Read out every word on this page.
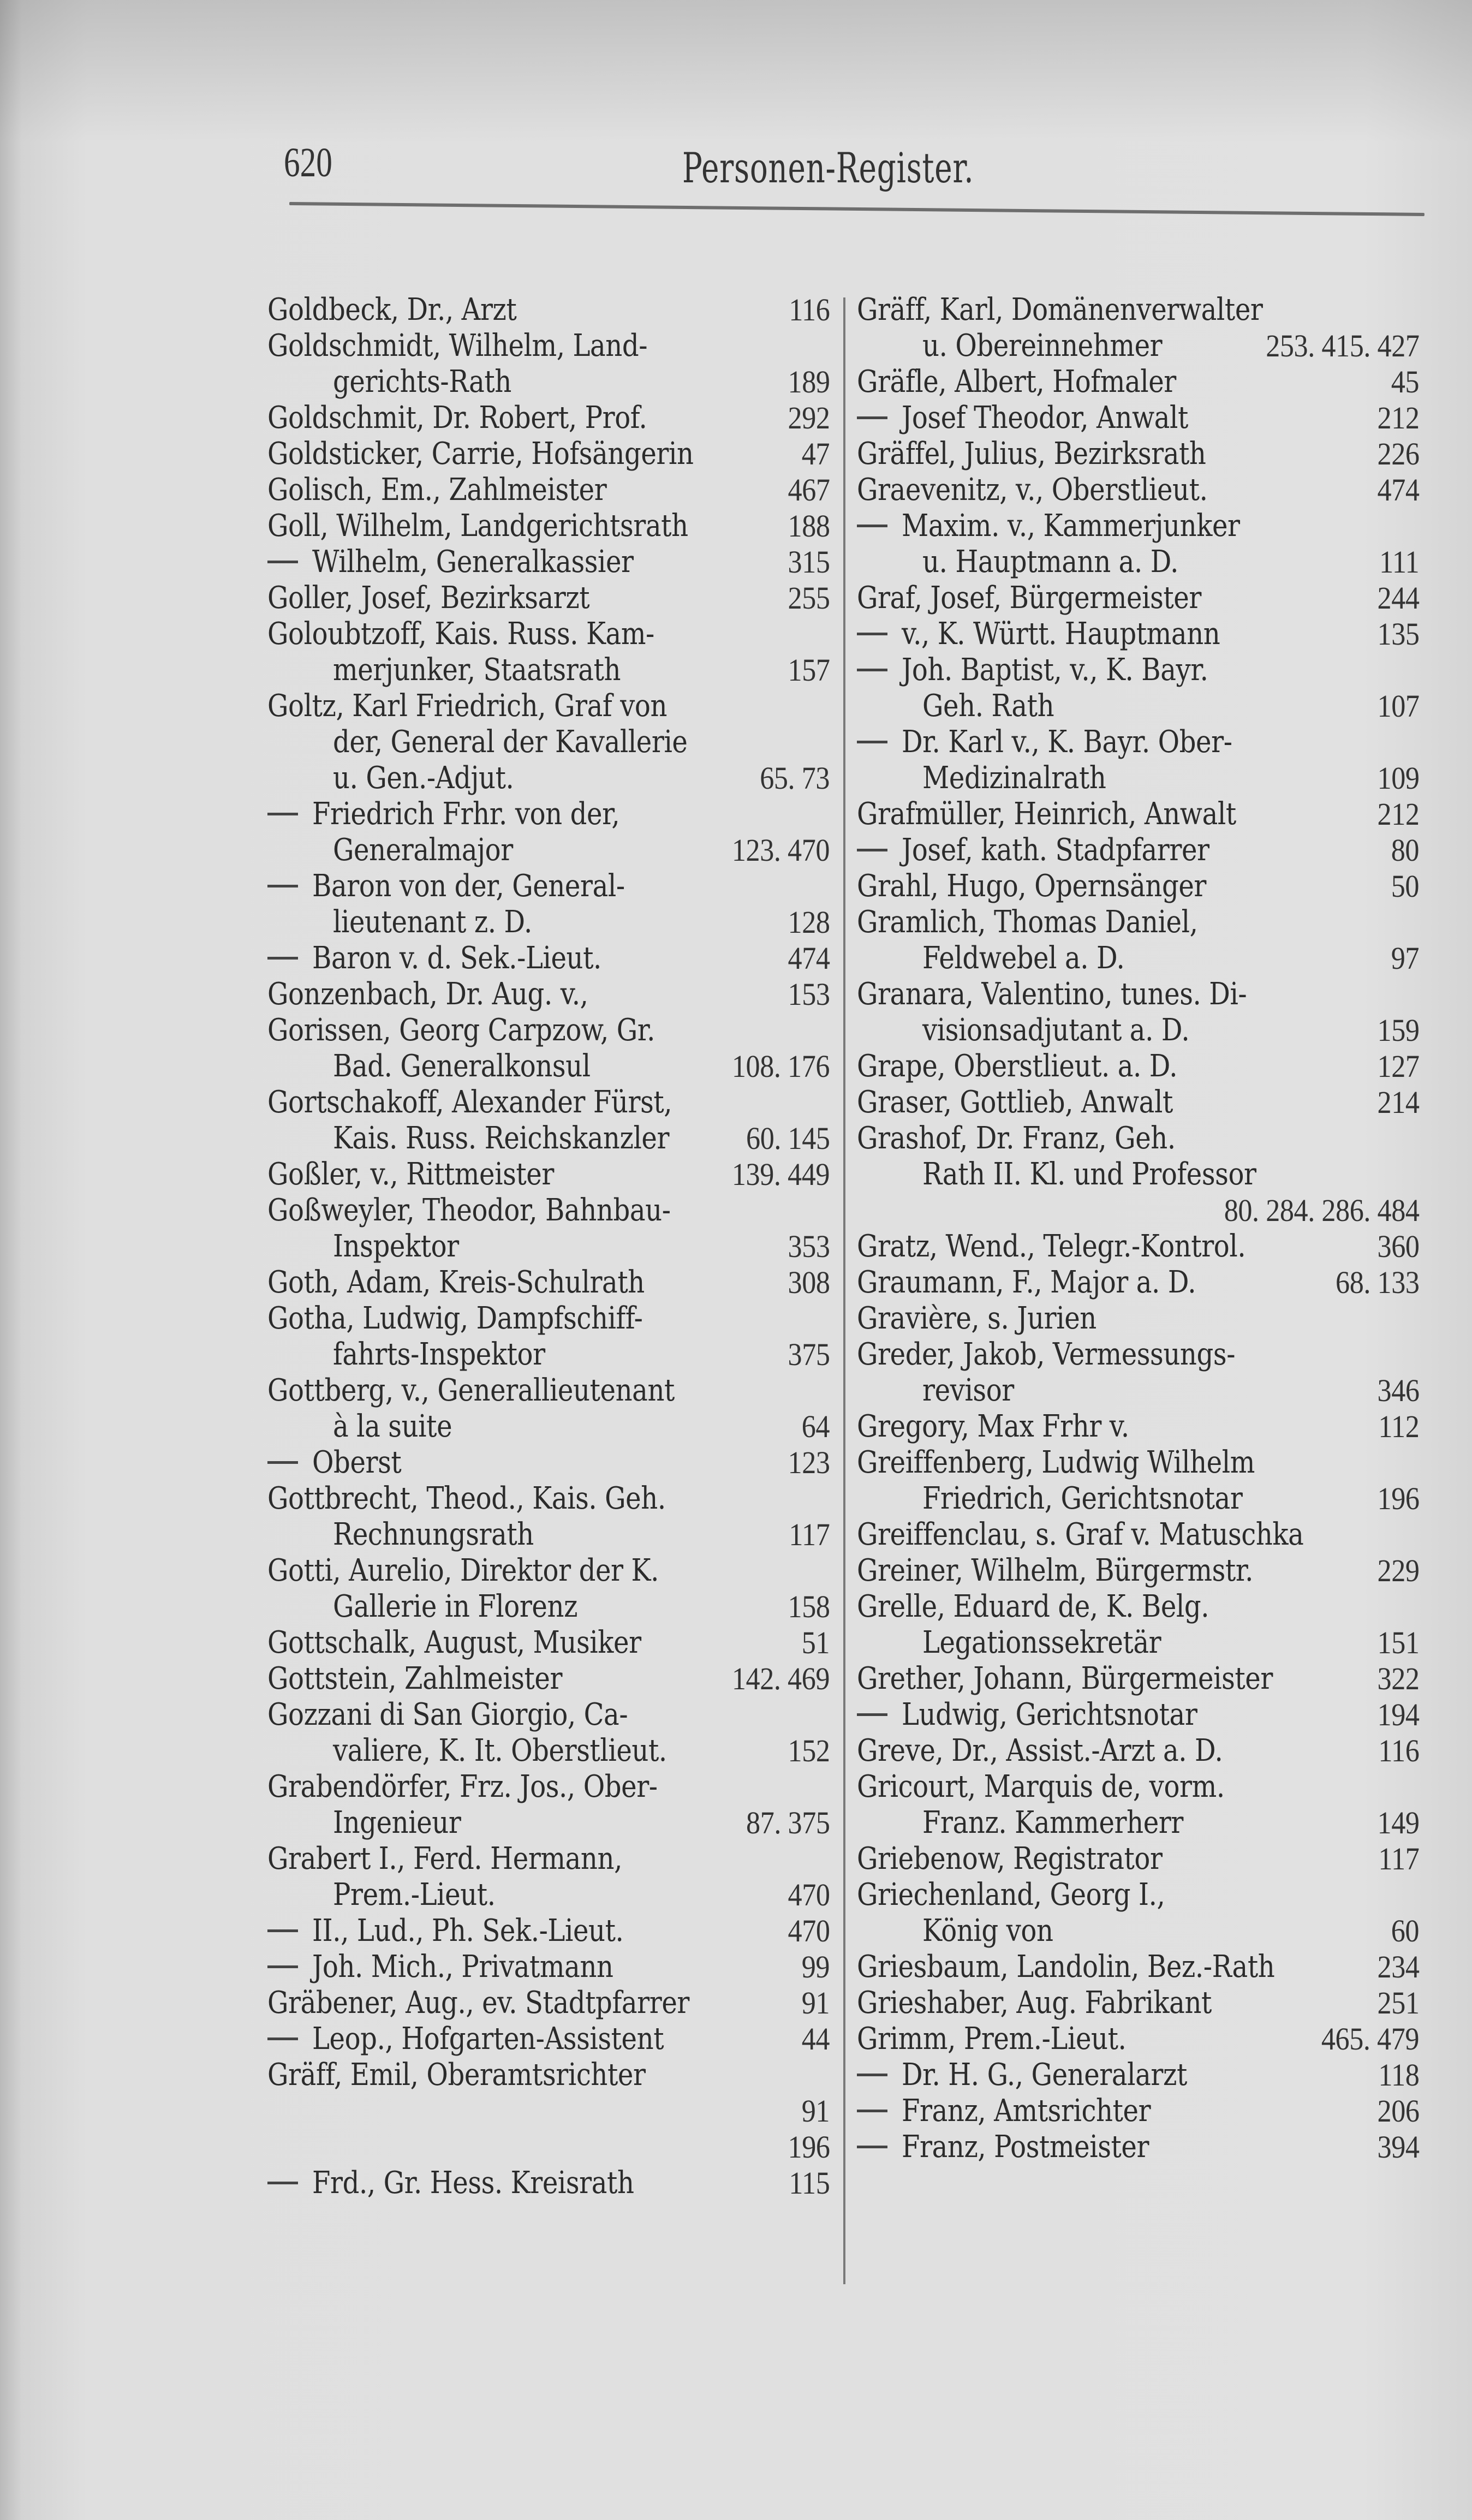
620	Personen-Register.
Goldbeck, Dr., Arzt	116
Goldschmidt, Wilhelm, Land-
gerichts-Rath	189
Goldschmit, Dr. Robert, Prof.	292
Goldsticker, Carrie, Hofsängerin	47
Golisch, Em., Zahlmeister	467
Goll, Wilhelm, Landgerichtsrath	188
Wilhelm, Generalkassier	315
Goller, Josef, Bezirksarzt	255
Goloubtzoff, Kais. Russ. Kam-
merjunker, Staatsrath	157
Goltz, Karl Friedrich, Graf von
der, General der Kavallerie
u. Gen.-Adjut.	65. 73
Friedrich Frhr. von der,
Generalmajor	123. 470
Baron von der, General-
lieutenant z. D.	128
Baron v. d. Sek.-Lieut.	474
Gonzenbach, Dr. Aug. v.,	153
Gorissen, Georg Carpzow, Gr.
Bad. Generalkonsul	108. 176
Gortschakoff, Alexander Fürst,
Kais. Russ. Reichskanzler 60. 145
Goßler, v., Rittmeister	139. 449
Goßweyler, Theodor, Bahnbau-
Inspektor	353
Goth, Adam, Kreis-Schulrath	308
Gotha, Ludwig, Dampfschiff-
fahrts-Inspektor	375
Gottberg, v., Generallieutenant
à la suite	64
Oberst	123
Gottbrecht, Theod., Kais. Geh.
Rechnungsrath	117
Gotti, Aurelio, Direktor der K.
Gallerie in Florenz	158
Gottschalk, August, Musiker	51
Gottstein, Zahlmeister	142. 469
Gozzani di San Giorgio, Ca-
valiere, K. It. Oberstlieut.	152
Grabendörfer, Frz. Jos., Ober-
Ingenieur	87. 375
Grabert I., Ferd. Hermann,
Prem.-Lieut.	470
II., Lud., Ph. Sek.-Lieut.	470
Joh. Mich., Privatmann	99
Gräbener, Aug., ev. Stadtpfarrer	91
Leop., Hofgarten-Assistent	44
Gräff, Emil, Oberamtsrichter
91
196
Frd., Gr. Hess. Kreisrath	115
Gräff, Karl, Domänenverwalter
u. Obereinnehmer	253. 415. 427
Gräfle, Albert, Hofmaler	45
Josef Theodor, Anwalt	212
Gräffel, Julius, Bezirksrath	226
Graevenitz, v., Oberstlieut.	474
Maxim. v., Kammerjunker
u. Hauptmann a. D.	111
Graf, Josef, Bürgermeister	244
v., K. Württ. Hauptmann	135
Joh. Baptist, v., K. Bayr.
Geh. Rath	107
Dr. Karl v., K. Bayr. Ober-
Medizinalrath	109
Grafmüller, Heinrich, Anwalt	212
Josef, kath. Stadpfarrer	80
Grahl, Hugo, Opernsänger	50
Gramlich, Thomas Daniel,
Feldwebel a. D.	97
Granara, Valentino, tunes. Di-
visionsadjutant a. D.	159
Grape, Oberstlieut. a. D.	127
Graser, Gottlieb, Anwalt	214
Grashof, Dr. Franz, Geh.
Rath II. Kl. und Professor
80. 284. 286. 484
Gratz, Wend., Telegr.-Kontrol.	360
Graumann, F., Major a. D.	68. 133
Gravière, s. Jurien
Greder, Jakob, Vermessungs-
revisor	346
Gregory, Max Frhr v.	112
Greiffenberg, Ludwig Wilhelm
Friedrich, Gerichtsnotar	196
Greiffenclau, s. Graf v. Matuschka
Greiner, Wilhelm, Bürgermstr.	229
Grelle, Eduard de, K. Belg.
Legationssekretär	151
Grether, Johann, Bürgermeister	322
Ludwig, Gerichtsnotar	194
Greve, Dr., Assist.-Arzt a. D.	116
Gricourt, Marquis de, vorm.
Franz. Kammerherr	149
Griebenow, Registrator	117
Griechenland, Georg I.,
König von	60
Griesbaum, Landolin, Bez.-Rath	234
Grieshaber, Aug. Fabrikant	251
Grimm, Prem.-Lieut.	465. 479
Dr. H. G., Generalarzt	118
Franz, Amtsrichter	206
Franz, Postmeister	394
